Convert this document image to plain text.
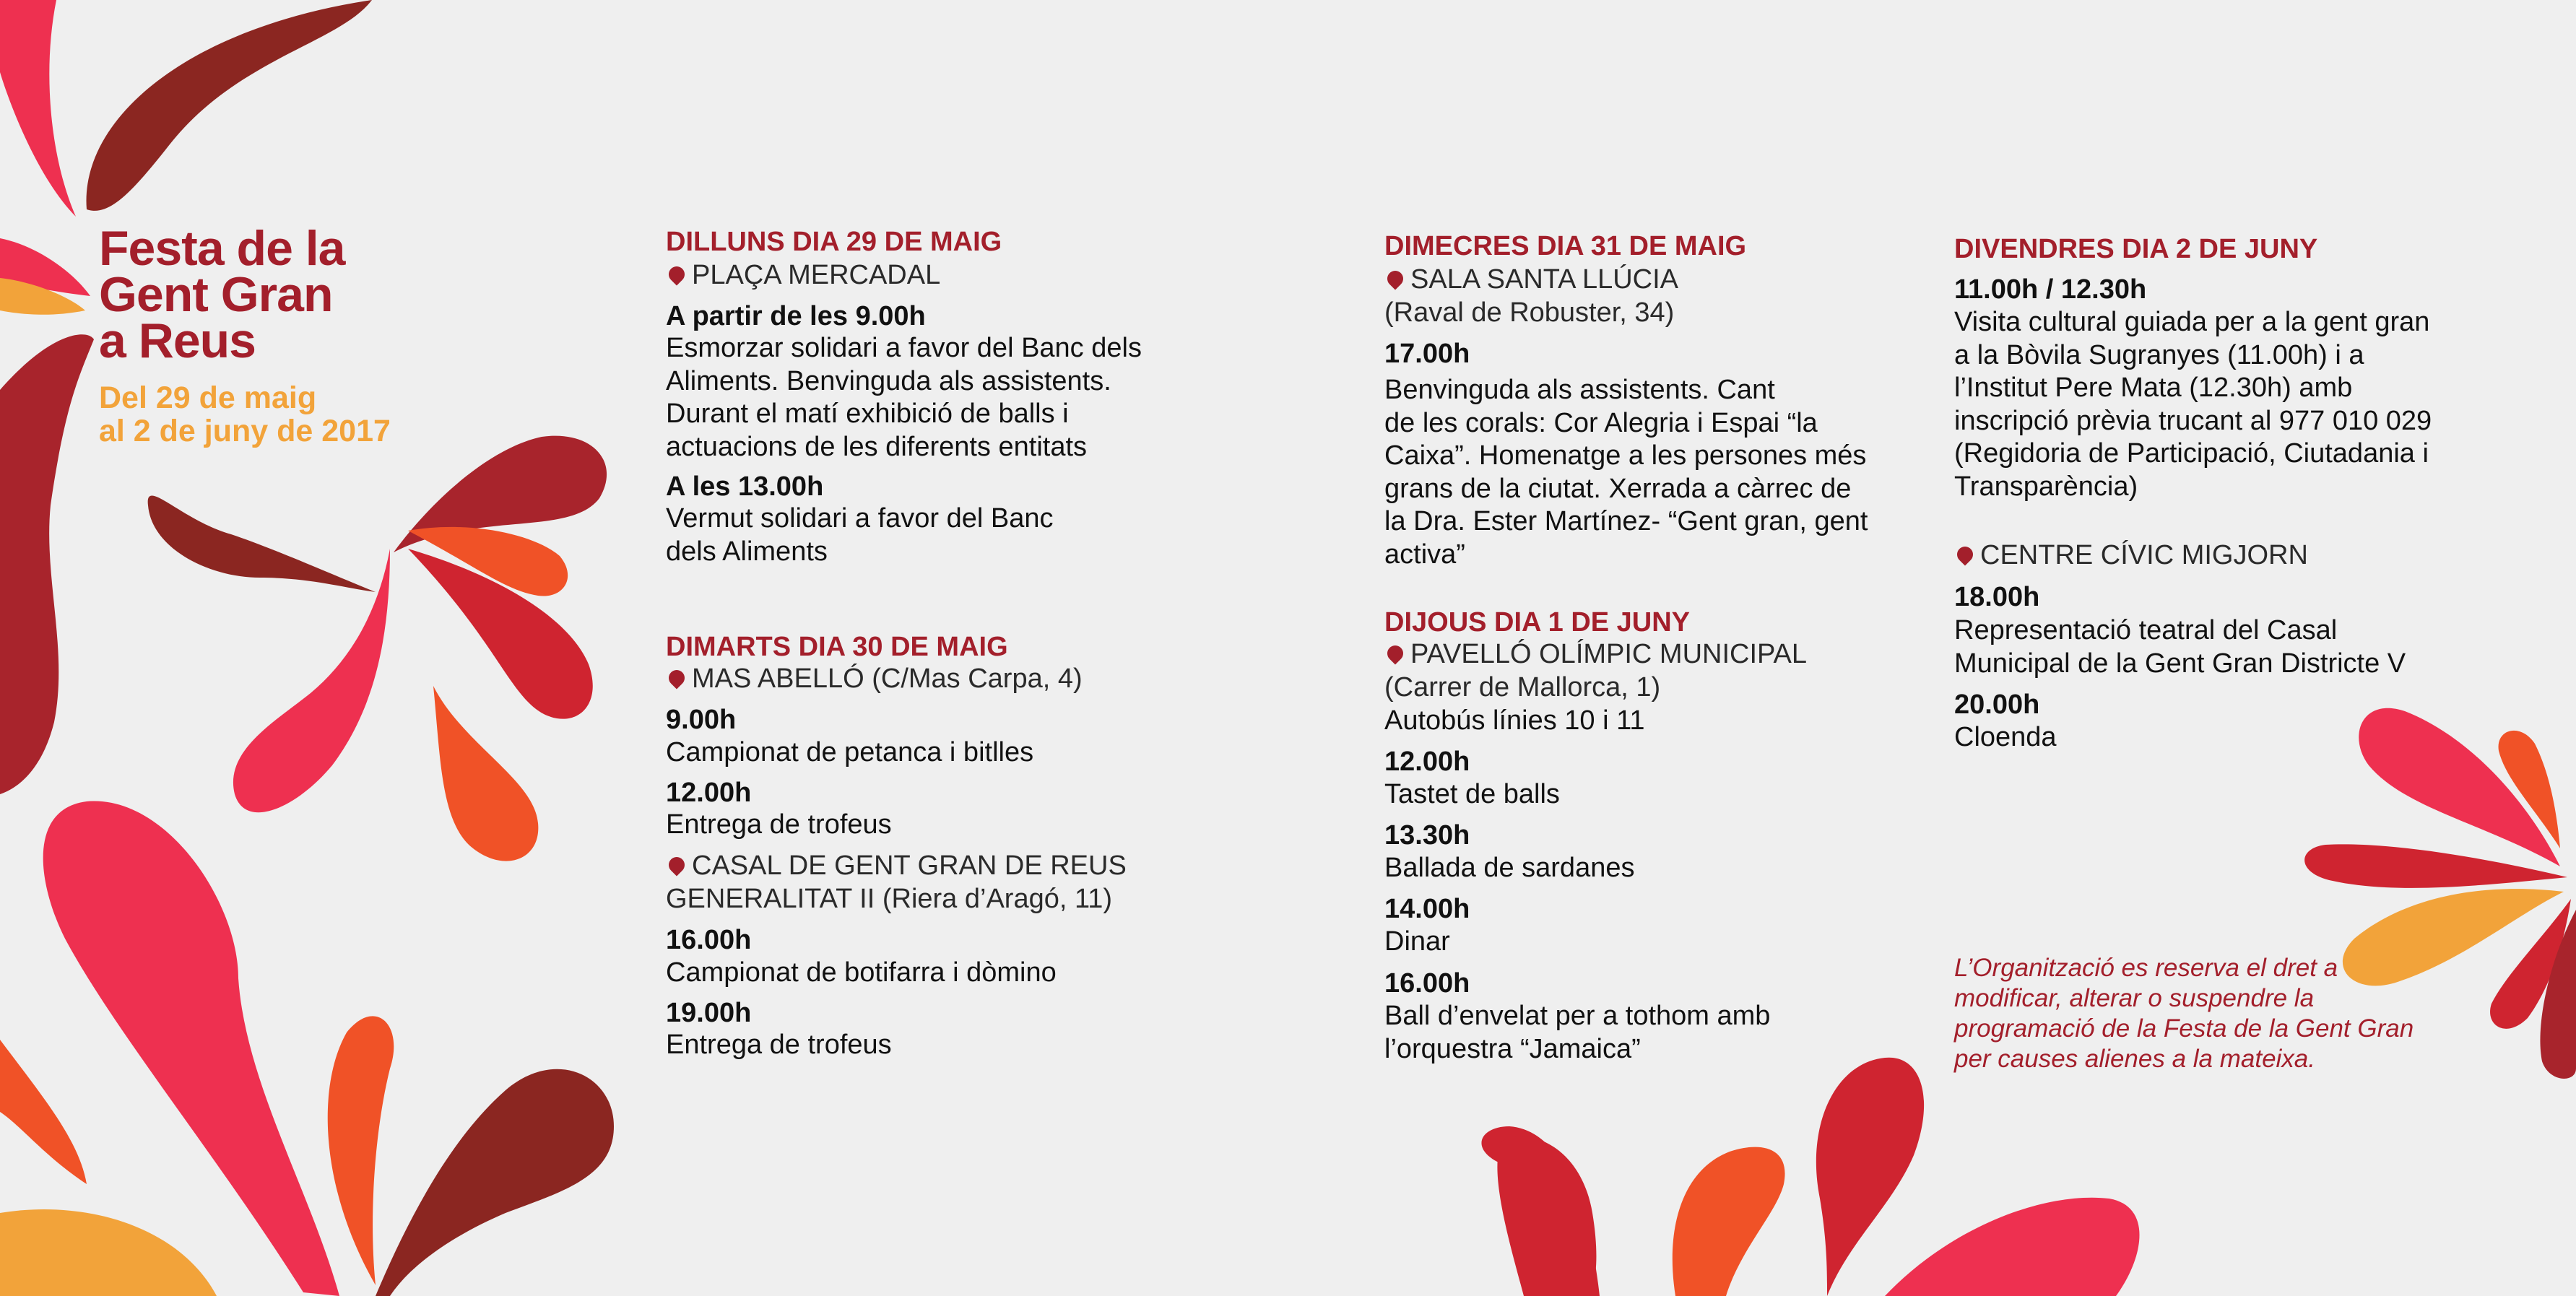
Festa de la
Gent Gran
a Reus
Del 29 de maig
al 2 de juny de 2017
DILLUNS DIA 29 DE MAIG
PLAÇA MERCADAL
A partir de les 9.00h
Esmorzar solidari a favor del Banc dels
Aliments. Benvinguda als assistents.
Durant el matí exhibició de balls i
actuacions de les diferents entitats
A les 13.00h
Vermut solidari a favor del Banc
dels Aliments
DIMARTS DIA 30 DE MAIG
MAS ABELLÓ (C/Mas Carpa, 4)
9.00h
Campionat de petanca i bitlles
12.00h
Entrega de trofeus
CASAL DE GENT GRAN DE REUS
GENERALITAT II (Riera d’Aragó, 11)
16.00h
Campionat de botifarra i dòmino
19.00h
Entrega de trofeus
DIMECRES DIA 31 DE MAIG
SALA SANTA LLÚCIA
(Raval de Robuster, 34)
17.00h
Benvinguda als assistents. Cant
de les corals: Cor Alegria i Espai “la
Caixa”. Homenatge a les persones més
grans de la ciutat. Xerrada a càrrec de
la Dra. Ester Martínez- “Gent gran, gent
activa”
DIJOUS DIA 1 DE JUNY
PAVELLÓ OLÍMPIC MUNICIPAL
(Carrer de Mallorca, 1)
Autobús línies 10 i 11
12.00h
Tastet de balls
13.30h
Ballada de sardanes
14.00h
Dinar
16.00h
Ball d’envelat per a tothom amb
l’orquestra “Jamaica”
DIVENDRES DIA 2 DE JUNY
11.00h / 12.30h
Visita cultural guiada per a la gent gran
a la Bòvila Sugranyes (11.00h) i a
l’Institut Pere Mata (12.30h) amb
inscripció prèvia trucant al 977 010 029
(Regidoria de Participació, Ciutadania i
Transparència)
CENTRE CÍVIC MIGJORN
18.00h
Representació teatral del Casal
Municipal de la Gent Gran Districte V
20.00h
Cloenda
L’Organització es reserva el dret a
modificar, alterar o suspendre la
programació de la Festa de la Gent Gran
per causes alienes a la mateixa.
